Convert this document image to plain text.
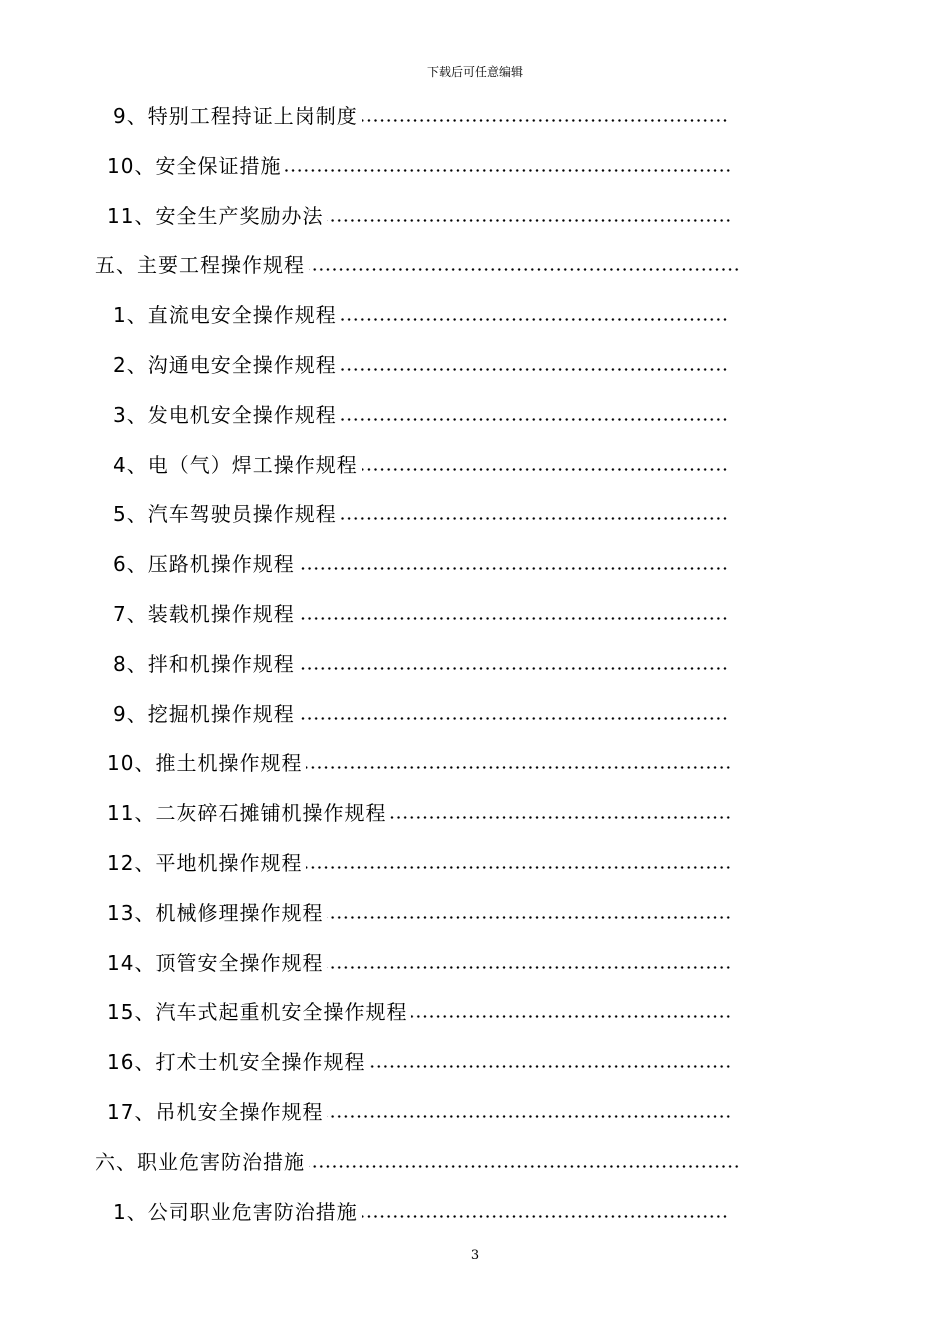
下载后可任意编辑
9、特别工程持证上岗制度
10、安全保证措施
11、安全生产奖励办法
五、主要工程操作规程
1、直流电安全操作规程
2、沟通电安全操作规程
3、发电机安全操作规程
4、电（气）焊工操作规程
5、汽车驾驶员操作规程
6、压路机操作规程
7、装载机操作规程
8、拌和机操作规程
9、挖掘机操作规程
10、推土机操作规程
11、二灰碎石摊铺机操作规程
12、平地机操作规程
13、机械修理操作规程
14、顶管安全操作规程
15、汽车式起重机安全操作规程
16、打术士机安全操作规程
17、吊机安全操作规程
六、职业危害防治措施
1、公司职业危害防治措施
3
